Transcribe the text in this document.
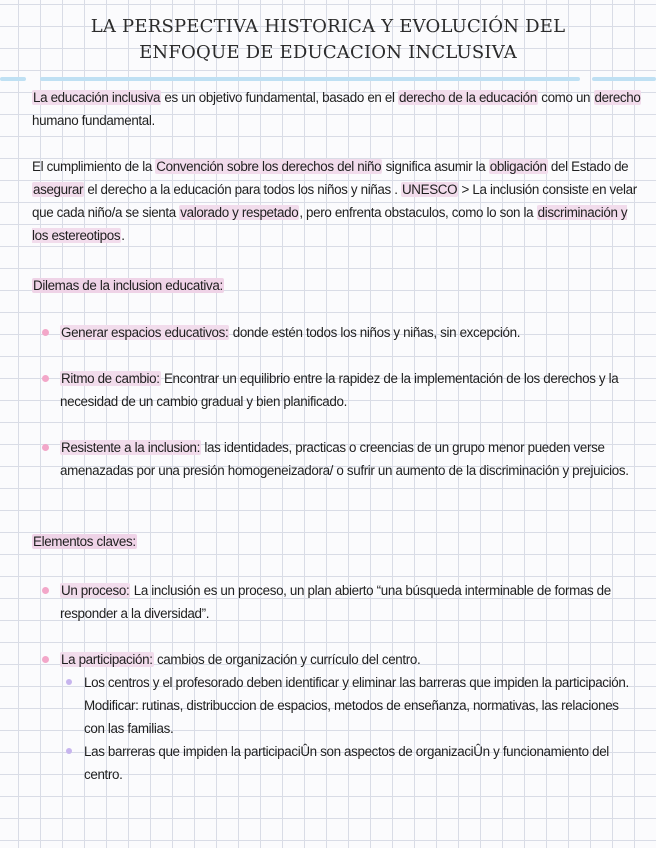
LA PERSPECTIVA HISTORICA Y EVOLUCIÓN DEL
ENFOQUE DE EDUCACION INCLUSIVA

La educación inclusiva es un objetivo fundamental, basado en el derecho de la educación como un derecho humano fundamental.

El cumplimiento de la Convención sobre los derechos del niño significa asumir la obligación del Estado de asegurar el derecho a la educación para todos los niños y niñas . UNESCO > La inclusión consiste en velar que cada niño/a se sienta valorado y respetado, pero enfrenta obstaculos, como lo son la discriminación y los estereotipos.

Dilemas de la inclusion educativa:

Generar espacios educativos: donde estén todos los niños y niñas, sin excepción.
Ritmo de cambio: Encontrar un equilibrio entre la rapidez de la implementación de los derechos y la necesidad de un cambio gradual y bien planificado.
Resistente a la inclusion: las identidades, practicas o creencias de un grupo menor pueden verse amenazadas por una presión homogeneizadora/ o sufrir un aumento de la discriminación y prejuicios.

Elementos claves:

Un proceso: La inclusión es un proceso, un plan abierto “una búsqueda interminable de formas de responder a la diversidad”.
La participación: cambios de organización y currículo del centro.
Los centros y el profesorado deben identificar y eliminar las barreras que impiden la participación. Modificar: rutinas, distribuccion de espacios, metodos de enseñanza, normativas, las relaciones con las familias.
Las barreras que impiden la participaciÛn son aspectos de organizaciÛn y funcionamiento del centro.
